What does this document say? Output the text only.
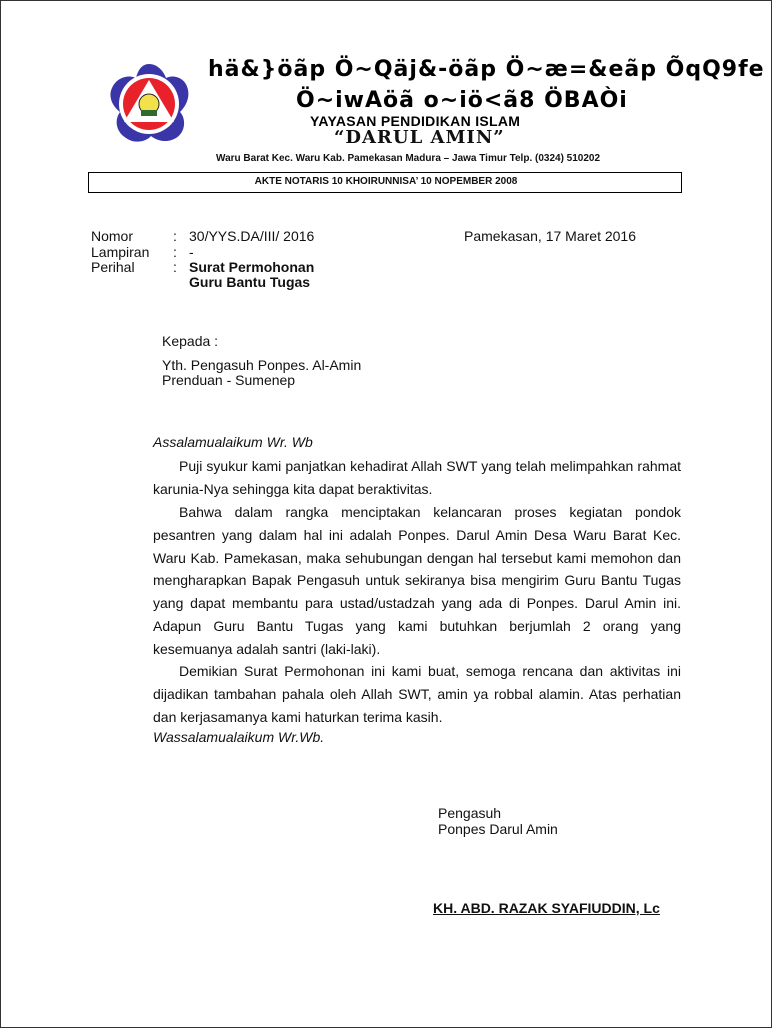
hä&}öãp Ö~Qäj&-öãp Ö~æ=&eãp ÕqQ9fe
Ö~iwAöã o~iö<ã8 ÖBAÒi
YAYASAN PENDIDIKAN ISLAM
“DARUL AMIN”
Waru Barat Kec. Waru Kab. Pamekasan Madura – Jawa Timur Telp. (0324) 510202
AKTE NOTARIS 10 KHOIRUNNISA’ 10 NOPEMBER 2008
Nomor	: 30/YYS.DA/III/ 2016	Pamekasan, 17 Maret 2016
Lampiran : -
Perihal	: Surat Permohonan
Guru Bantu Tugas
Kepada :
Yth. Pengasuh Ponpes. Al-Amin
Prenduan - Sumenep
Assalamualaikum Wr. Wb
Puji syukur kami panjatkan kehadirat Allah SWT yang telah melimpahkan rahmat karunia-Nya sehingga kita dapat beraktivitas.
Bahwa dalam rangka menciptakan kelancaran proses kegiatan pondok pesantren yang dalam hal ini adalah Ponpes. Darul Amin Desa Waru Barat Kec. Waru Kab. Pamekasan, maka sehubungan dengan hal tersebut kami memohon dan mengharapkan Bapak Pengasuh untuk sekiranya bisa mengirim Guru Bantu Tugas yang dapat membantu para ustad/ustadzah yang ada di Ponpes. Darul Amin ini. Adapun Guru Bantu Tugas yang kami butuhkan berjumlah 2 orang yang kesemuanya adalah santri (laki-laki).
Demikian Surat Permohonan ini kami buat, semoga rencana dan aktivitas ini dijadikan tambahan pahala oleh Allah SWT, amin ya robbal alamin. Atas perhatian dan kerjasamanya kami haturkan terima kasih.
Wassalamualaikum Wr.Wb.
Pengasuh
Ponpes Darul Amin
KH. ABD. RAZAK SYAFIUDDIN, Lc
